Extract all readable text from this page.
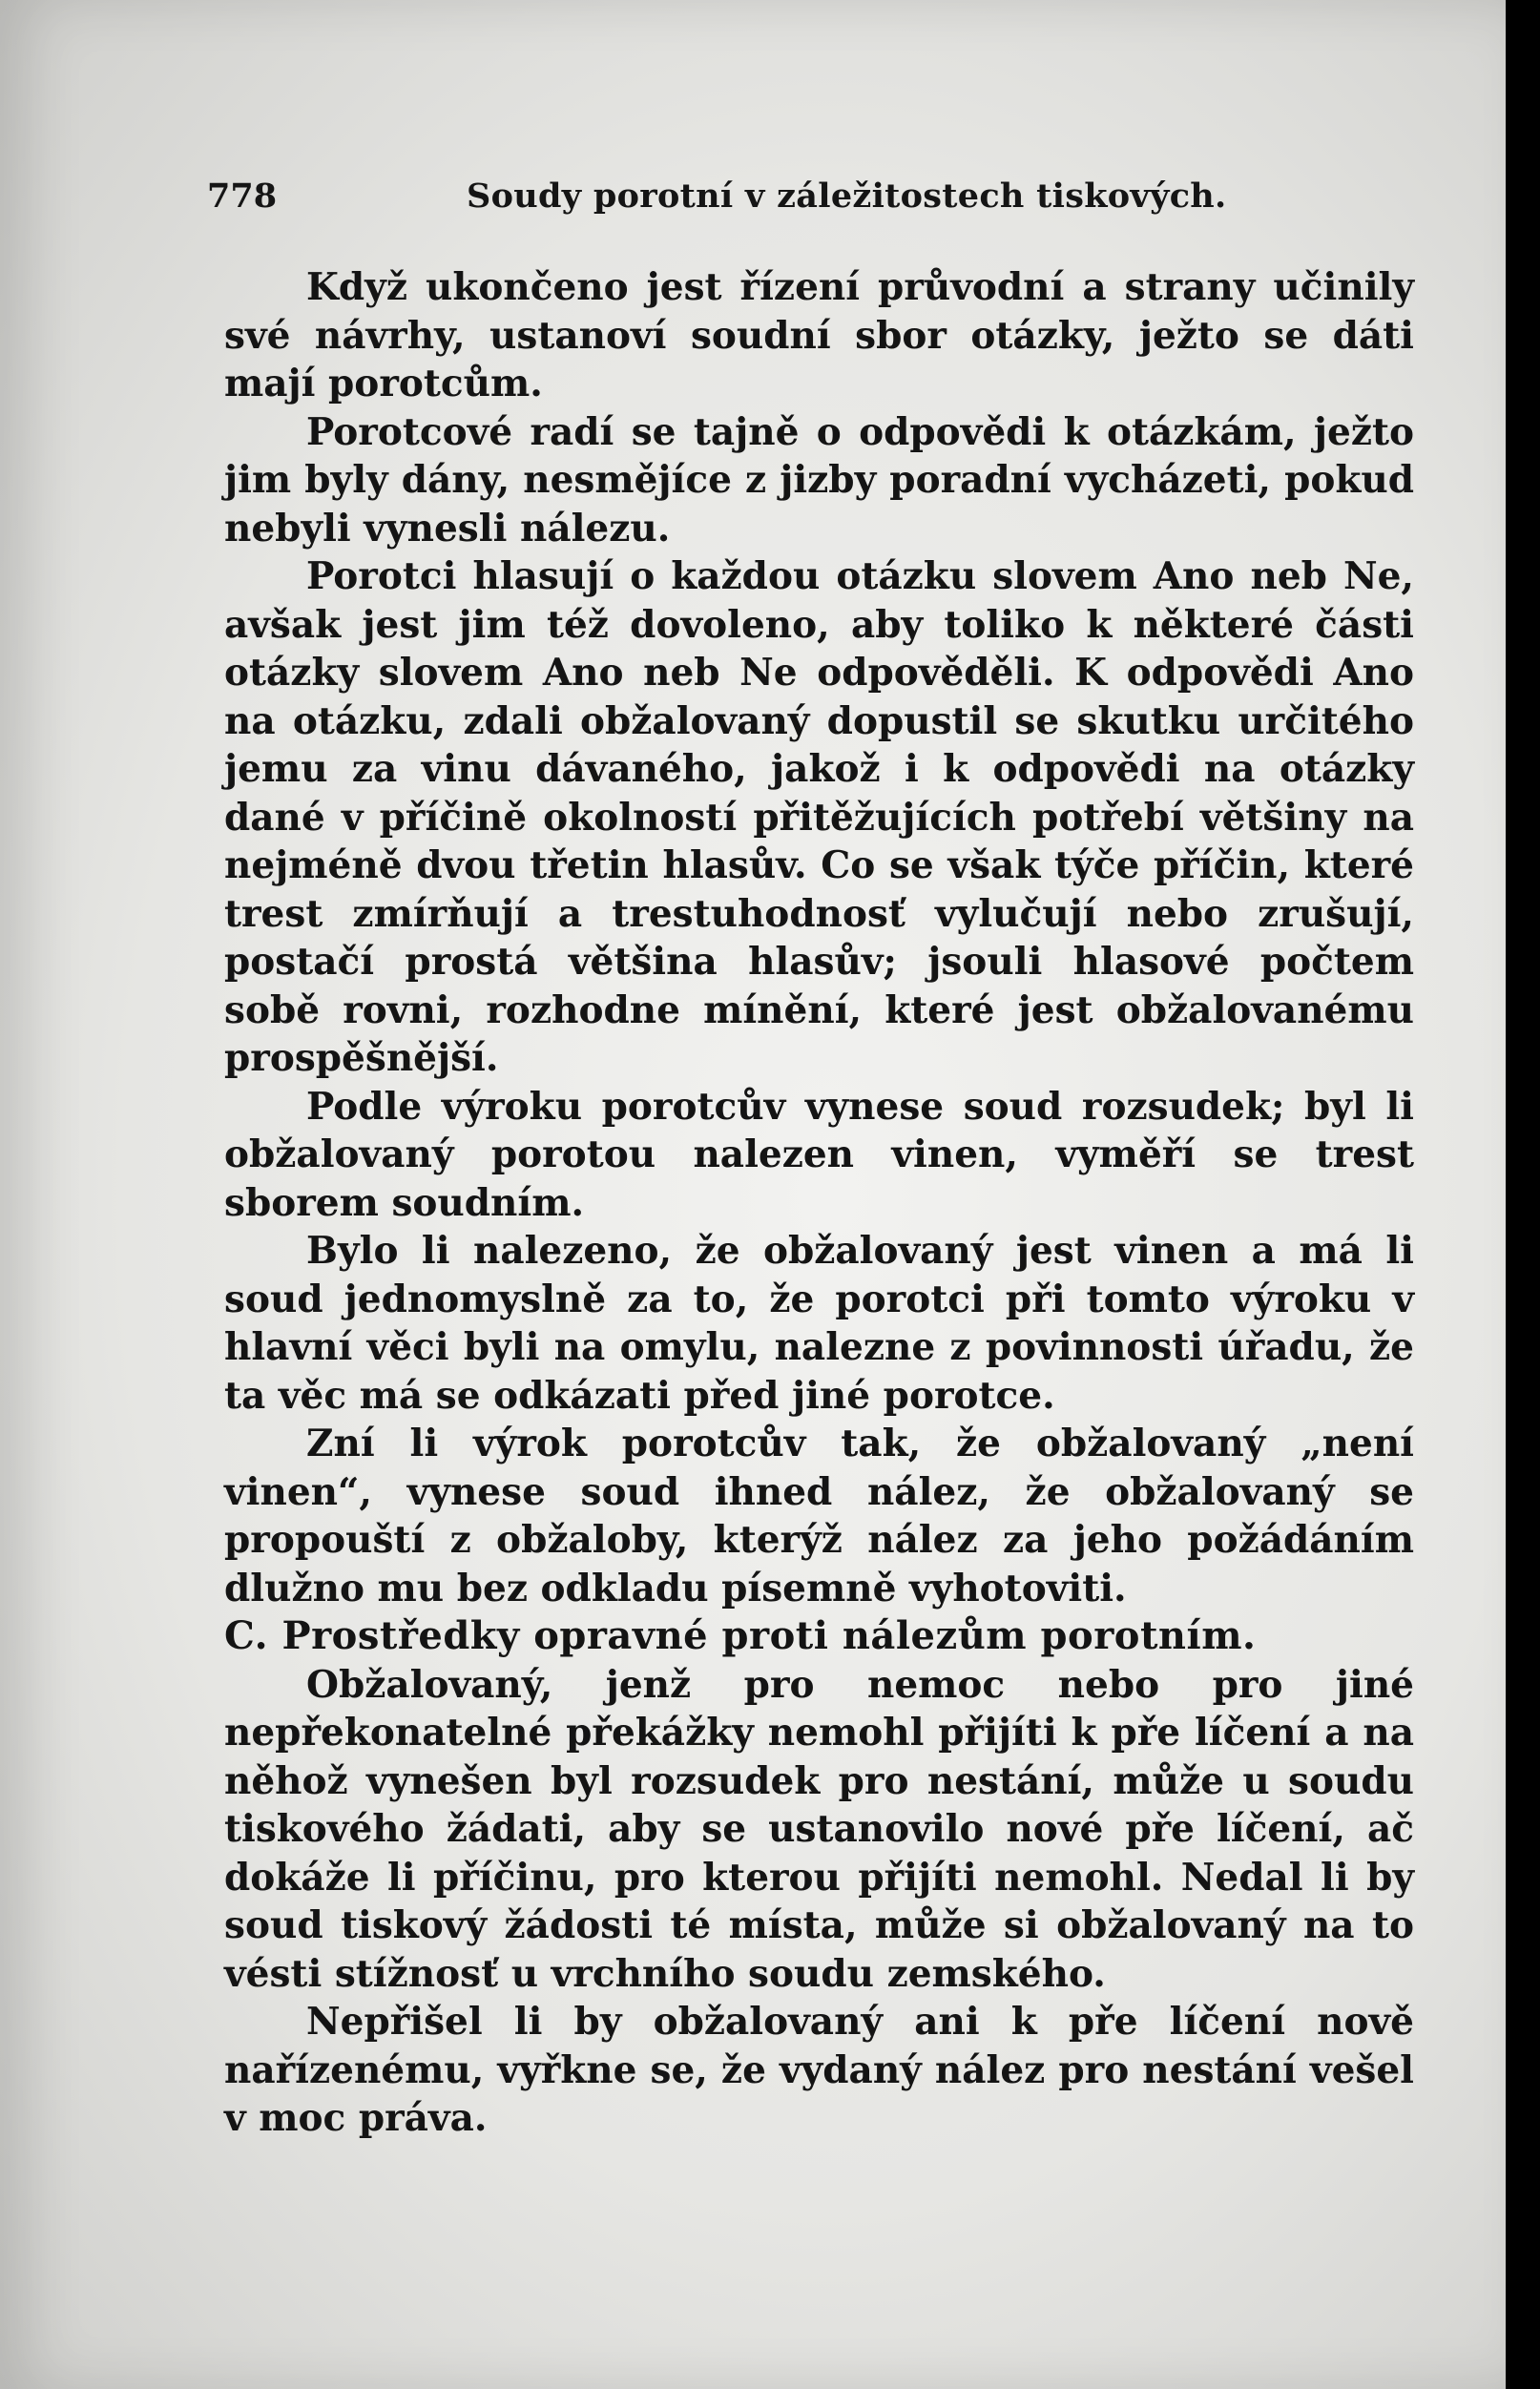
778	Soudy porotní v záležitostech tiskových.

Když ukončeno jest řízení průvodní a strany učinily své návrhy, ustanoví soudní sbor otázky, ježto se dáti mají porotcům.

Porotcové radí se tajně o odpovědi k otázkám, ježto jim byly dány, nesmějíce z jizby poradní vycházeti, pokud nebyli vynesli nálezu.

Porotci hlasují o každou otázku slovem Ano neb Ne, avšak jest jim též dovoleno, aby toliko k některé části otázky slovem Ano neb Ne odpověděli. K odpovědi Ano na otázku, zdali obžalovaný dopustil se skutku určitého jemu za vinu dávaného, jakož i k odpovědi na otázky dané v příčině okolností přitěžujících potřebí většiny na nejméně dvou třetin hlasův. Co se však týče příčin, které trest zmírňují a trestuhodnosť vylučují nebo zrušují, postačí prostá většina hlasův; jsouli hlasové počtem sobě rovni, rozhodne mínění, které jest obžalovanému prospěšnější.

Podle výroku porotcův vynese soud rozsudek; byl li obžalovaný porotou nalezen vinen, vyměří se trest sborem soudním.

Bylo li nalezeno, že obžalovaný jest vinen a má li soud jednomyslně za to, že porotci při tomto výroku v hlavní věci byli na omylu, nalezne z povinnosti úřadu, že ta věc má se odkázati před jiné porotce.

Zní li výrok porotcův tak, že obžalovaný „není vinen“, vynese soud ihned nález, že obžalovaný se propouští z obžaloby, kterýž nález za jeho požádáním dlužno mu bez odkladu písemně vyhotoviti.

C. Prostředky opravné proti nálezům porotním.

Obžalovaný, jenž pro nemoc nebo pro jiné nepřekonatelné překážky nemohl přijíti k pře líčení a na něhož vynešen byl rozsudek pro nestání, může u soudu tiskového žádati, aby se ustanovilo nové pře líčení, ač dokáže li příčinu, pro kterou přijíti nemohl. Nedal li by soud tiskový žádosti té místa, může si obžalovaný na to vésti stížnosť u vrchního soudu zemského.

Nepřišel li by obžalovaný ani k pře líčení nově nařízenému, vyřkne se, že vydaný nález pro nestání vešel v moc práva.
